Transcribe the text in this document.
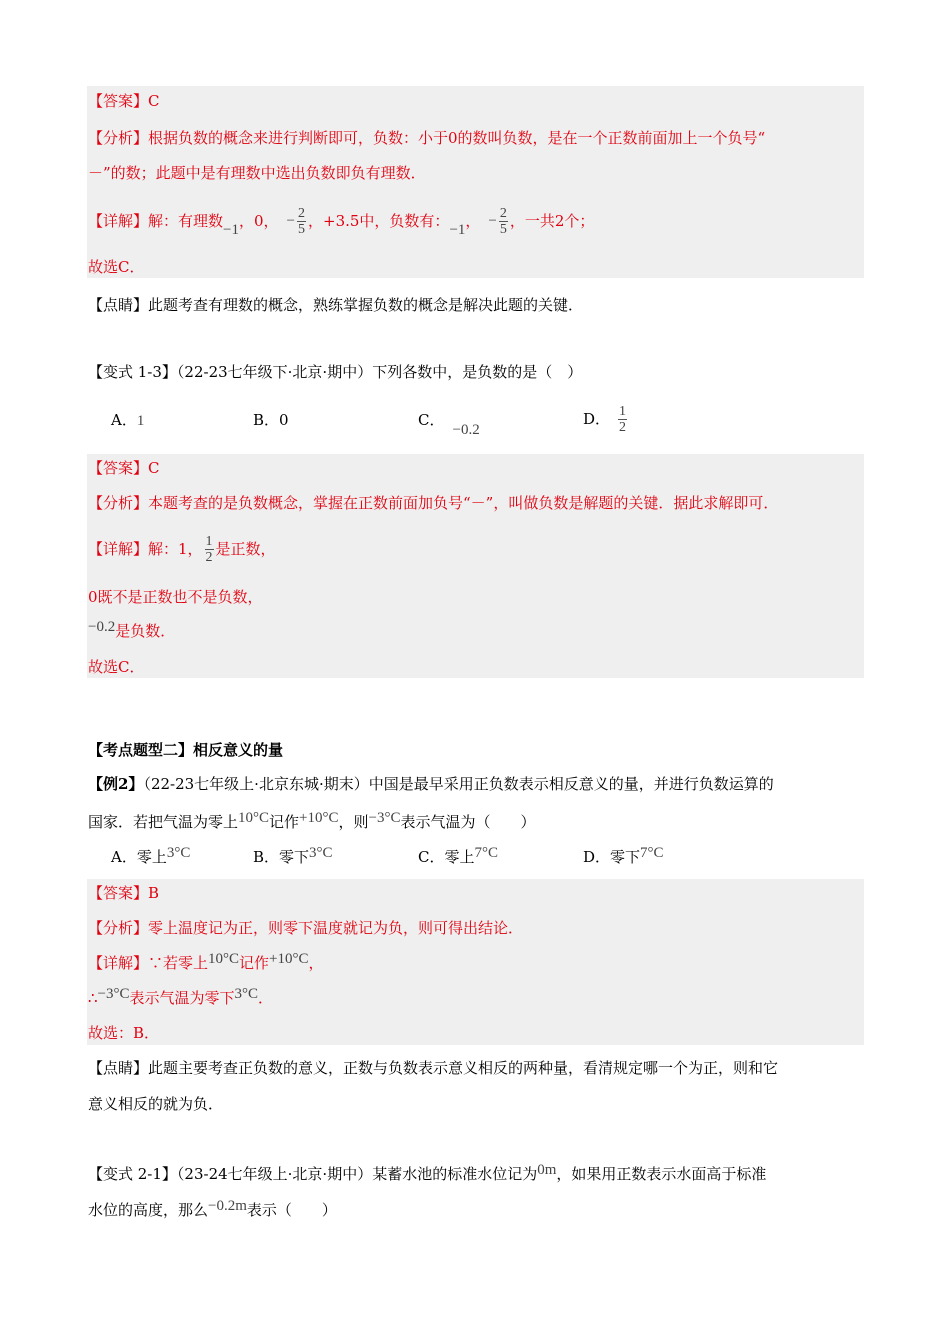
【答案】C
【分析】根据负数的概念来进行判断即可，负数：小于0的数叫负数，是在一个正数前面加上一个负号“
－”的数；此题中是有理数中选出负数即负有理数．
【详解】解：有理数 −1 ，0， − $\frac{2}{5}$ ，+3.5中，负数有： −1 ， − $\frac{2}{5}$ ，一共2个；
故选C．
【点睛】此题考查有理数的概念，熟练掌握负数的概念是解决此题的关键．
【变式 1-3】（22-23七年级下·北京·期中）下列各数中，是负数的是（　）
A．1	B．0	C．−0.2
D． $\frac{1}{2}$
【答案】C
【分析】本题考查的是负数概念，掌握在正数前面加负号“－”，叫做负数是解题的关键．据此求解即可．
【详解】解：1， $\frac{1}{2}$ 是正数，
0既不是正数也不是负数，
−0.2是负数．
故选C．
【考点题型二】相反意义的量
【例2】（22-23七年级上·北京东城·期末）中国是最早采用正负数表示相反意义的量，并进行负数运算的
国家．若把气温为零上10°C记作+10°C，则−3°C表示气温为（　　）
A．零上3°C	B．零下3°C	C．零上7°C	D．零下7°C
【答案】B
【分析】零上温度记为正，则零下温度就记为负，则可得出结论．
【详解】∵若零上10°C记作+10°C，
∴−3°C表示气温为零下3°C．
故选：B．
【点睛】此题主要考查正负数的意义，正数与负数表示意义相反的两种量，看清规定哪一个为正，则和它
意义相反的就为负．
【变式 2-1】（23-24七年级上·北京·期中）某蓄水池的标准水位记为0m，如果用正数表示水面高于标准
水位的高度，那么−0.2m表示（　　）
